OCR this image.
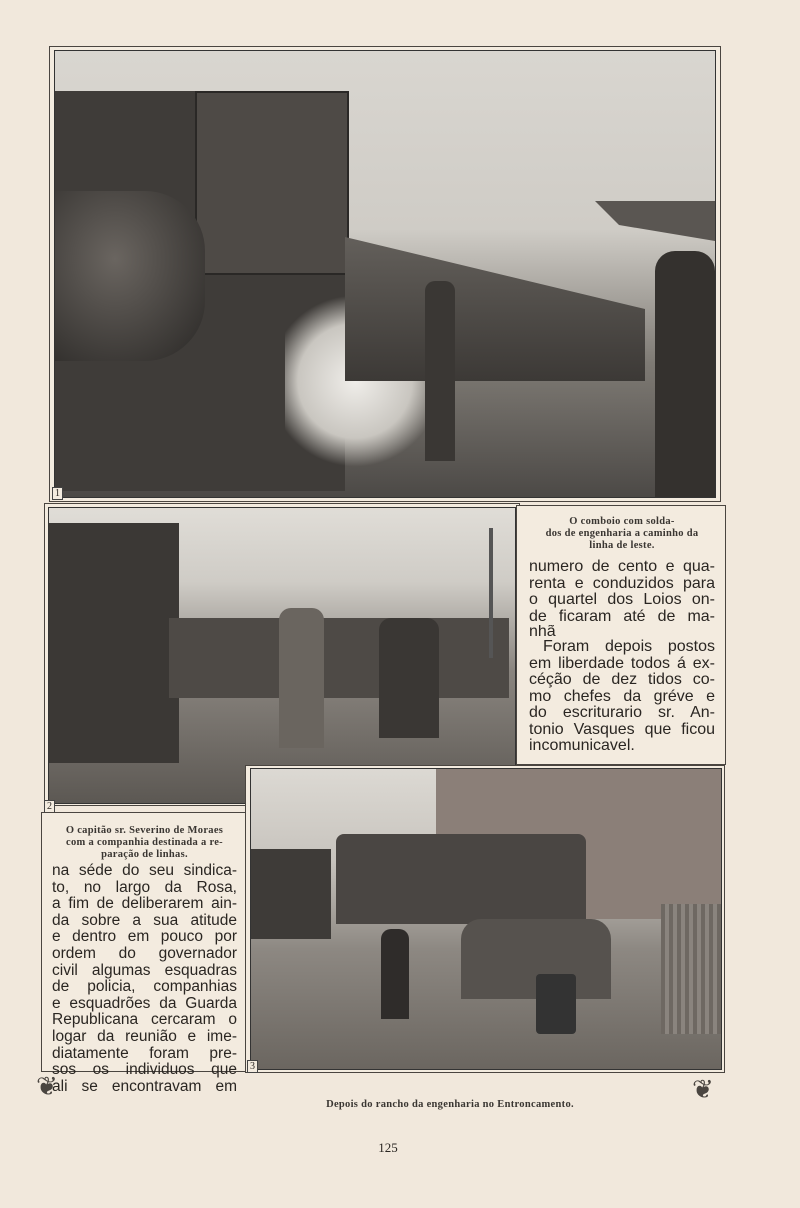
1
2
O comboio com solda-
dos de engenharia a caminho da
linha de leste.
numero de cento e qua-
renta e conduzidos para
o quartel dos Loios on-
de ficaram até de ma-
nhã
Foram depois postos
em liberdade todos á ex-
céção de dez tidos co-
mo chefes da gréve e
do escriturario sr. An-
tonio Vasques que ficou
incomunicavel.
3
O capitão sr. Severino de Moraes
com a companhia destinada a re-
paração de linhas.
na séde do seu sindica-
to, no largo da Rosa,
a fim de deliberarem ain-
da sobre a sua atitude
e dentro em pouco por
ordem do governador
civil algumas esquadras
de policia, companhias
e esquadrões da Guarda
Republicana cercaram o
logar da reunião e ime-
diatamente foram pre-
sos os individuos que
ali se encontravam em
❦	❦
Depois do rancho da engenharia no Entroncamento.
125
